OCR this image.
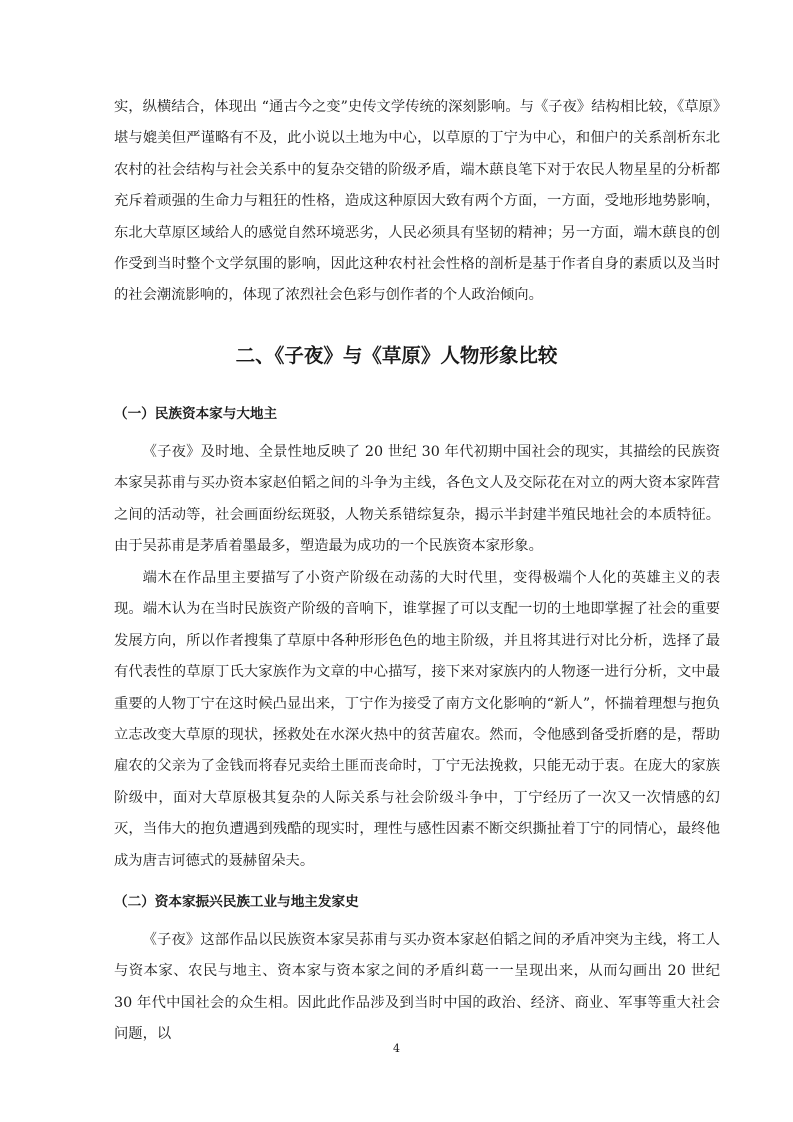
实，纵横结合，体现出 “通古今之变”史传文学传统的深刻影响。与《子夜》结构相比较，《草原》堪与媲美但严谨略有不及，此小说以土地为中心，以草原的丁宁为中心，和佃户的关系剖析东北农村的社会结构与社会关系中的复杂交错的阶级矛盾，端木蕻良笔下对于农民人物星星的分析都充斥着顽强的生命力与粗狂的性格，造成这种原因大致有两个方面，一方面，受地形地势影响，东北大草原区域给人的感觉自然环境恶劣，人民必须具有坚韧的精神；另一方面，端木蕻良的创作受到当时整个文学氛围的影响，因此这种农村社会性格的剖析是基于作者自身的素质以及当时的社会潮流影响的，体现了浓烈社会色彩与创作者的个人政治倾向。

二、《子夜》与《草原》人物形象比较
（一）民族资本家与大地主

《子夜》及时地、全景性地反映了 20 世纪 30 年代初期中国社会的现实，其描绘的民族资本家吴荪甫与买办资本家赵伯韬之间的斗争为主线，各色文人及交际花在对立的两大资本家阵营之间的活动等，社会画面纷纭斑驳，人物关系错综复杂，揭示半封建半殖民地社会的本质特征。由于吴荪甫是茅盾着墨最多，塑造最为成功的一个民族资本家形象。

端木在作品里主要描写了小资产阶级在动荡的大时代里，变得极端个人化的英雄主义的表现。端木认为在当时民族资产阶级的音响下，谁掌握了可以支配一切的土地即掌握了社会的重要发展方向，所以作者搜集了草原中各种形形色色的地主阶级，并且将其进行对比分析，选择了最有代表性的草原丁氏大家族作为文章的中心描写，接下来对家族内的人物逐一进行分析，文中最重要的人物丁宁在这时候凸显出来，丁宁作为接受了南方文化影响的“新人”，怀揣着理想与抱负立志改变大草原的现状，拯救处在水深火热中的贫苦雇农。然而，令他感到备受折磨的是，帮助雇农的父亲为了金钱而将春兄卖给土匪而丧命时，丁宁无法挽救，只能无动于衷。在庞大的家族阶级中，面对大草原极其复杂的人际关系与社会阶级斗争中，丁宁经历了一次又一次情感的幻灭，当伟大的抱负遭遇到残酷的现实时，理性与感性因素不断交织撕扯着丁宁的同情心，最终他成为唐吉诃德式的聂赫留朵夫。

（二）资本家振兴民族工业与地主发家史

《子夜》这部作品以民族资本家吴荪甫与买办资本家赵伯韬之间的矛盾冲突为主线，将工人与资本家、农民与地主、资本家与资本家之间的矛盾纠葛一一呈现出来，从而勾画出 20 世纪 30 年代中国社会的众生相。因此此作品涉及到当时中国的政治、经济、商业、军事等重大社会问题，以

4
